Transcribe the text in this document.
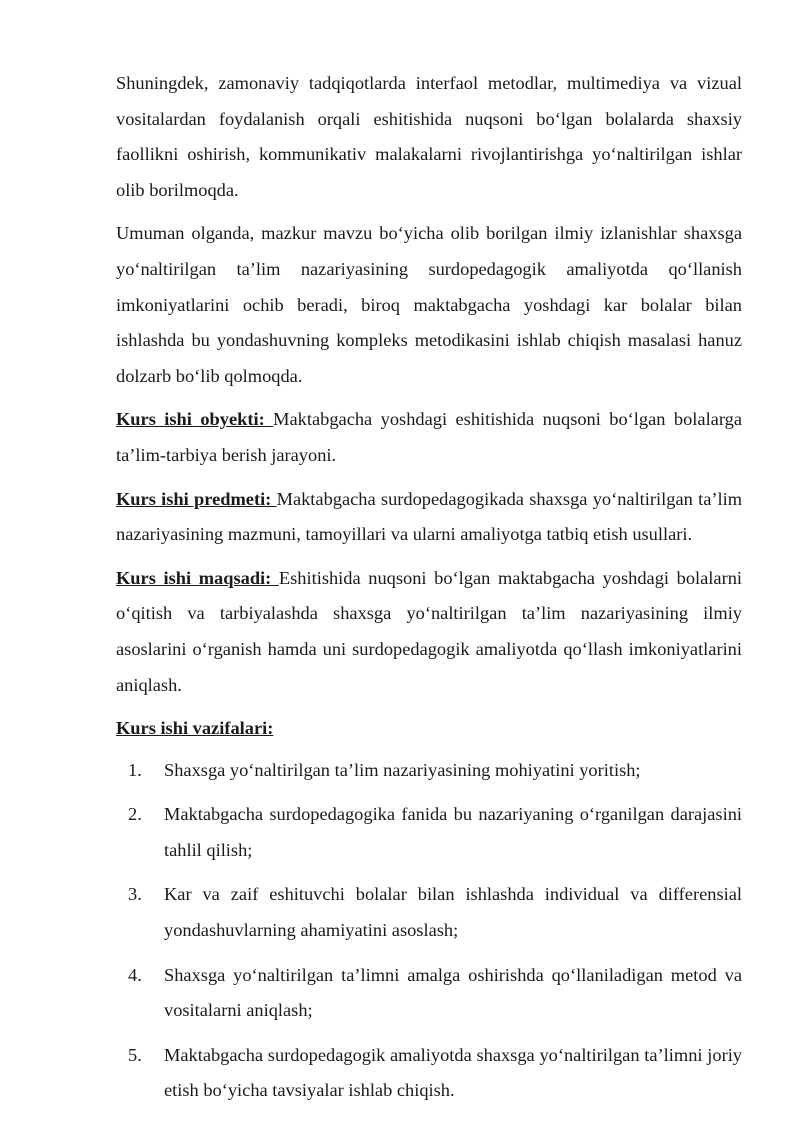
Shuningdek, zamonaviy tadqiqotlarda interfaol metodlar, multimediya va vizual vositalardan foydalanish orqali eshitishida nuqsoni bo‘lgan bolalarda shaxsiy faollikni oshirish, kommunikativ malakalarni rivojlantirishga yo‘naltirilgan ishlar olib borilmoqda.

Umuman olganda, mazkur mavzu bo‘yicha olib borilgan ilmiy izlanishlar shaxsga yo‘naltirilgan ta’lim nazariyasining surdopedagogik amaliyotda qo‘llanish imkoniyatlarini ochib beradi, biroq maktabgacha yoshdagi kar bolalar bilan ishlashda bu yondashuvning kompleks metodikasini ishlab chiqish masalasi hanuz dolzarb bo‘lib qolmoqda.

Kurs ishi obyekti: Maktabgacha yoshdagi eshitishida nuqsoni bo‘lgan bolalarga ta’lim-tarbiya berish jarayoni.

Kurs ishi predmeti: Maktabgacha surdopedagogikada shaxsga yo‘naltirilgan ta’lim nazariyasining mazmuni, tamoyillari va ularni amaliyotga tatbiq etish usullari.

Kurs ishi maqsadi: Eshitishida nuqsoni bo‘lgan maktabgacha yoshdagi bolalarni o‘qitish va tarbiyalashda shaxsga yo‘naltirilgan ta’lim nazariyasining ilmiy asoslarini o‘rganish hamda uni surdopedagogik amaliyotda qo‘llash imkoniyatlarini aniqlash.

Kurs ishi vazifalari:

1. Shaxsga yo‘naltirilgan ta’lim nazariyasining mohiyatini yoritish;
2. Maktabgacha surdopedagogika fanida bu nazariyaning o‘rganilgan darajasini tahlil qilish;
3. Kar va zaif eshituvchi bolalar bilan ishlashda individual va differensial yondashuvlarning ahamiyatini asoslash;
4. Shaxsga yo‘naltirilgan ta’limni amalga oshirishda qo‘llaniladigan metod va vositalarni aniqlash;
5. Maktabgacha surdopedagogik amaliyotda shaxsga yo‘naltirilgan ta’limni joriy etish bo‘yicha tavsiyalar ishlab chiqish.
